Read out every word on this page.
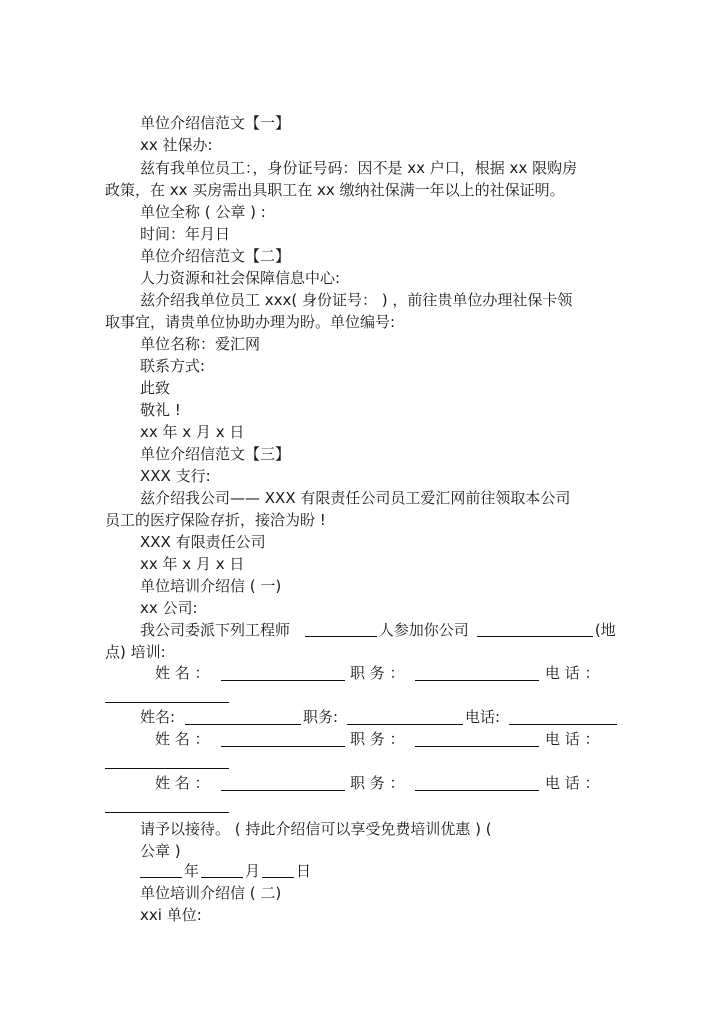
单位介绍信范文【一】
xx 社保办:
兹有我单位员工：，身份证号码：因不是 xx 户口，根据 xx 限购房
政策，在 xx 买房需出具职工在 xx 缴纳社保满一年以上的社保证明。
单位全称 ( 公章 ) :
时间：年月日
单位介绍信范文【二】
人力资源和社会保障信息中心:
兹介绍我单位员工 xxx( 身份证号： ) ，前往贵单位办理社保卡领
取事宜，请贵单位协助办理为盼。单位编号:
单位名称：爱汇网
联系方式:
此致
敬礼 !
xx 年 x 月 x 日
单位介绍信范文【三】
XXX 支行:
兹介绍我公司—— XXX 有限责任公司员工爱汇网前往领取本公司
员工的医疗保险存折，接洽为盼 !
XXX 有限责任公司
xx 年 x 月 x 日
单位培训介绍信 ( 一)
xx 公司:
我公司委派下列工程师	人参加你公司	(地
点) 培训:
姓 名 ：	职 务 ：	电 话 ：
姓名:	职务:	电话:
姓 名 ：	职 务 ：	电 话 ：
姓 名 ：	职 务 ：	电 话 ：
请予以接待。 ( 持此介绍信可以享受免费培训优惠 ) (
公章 )
年	月 日
单位培训介绍信 ( 二)
xxi 单位:
